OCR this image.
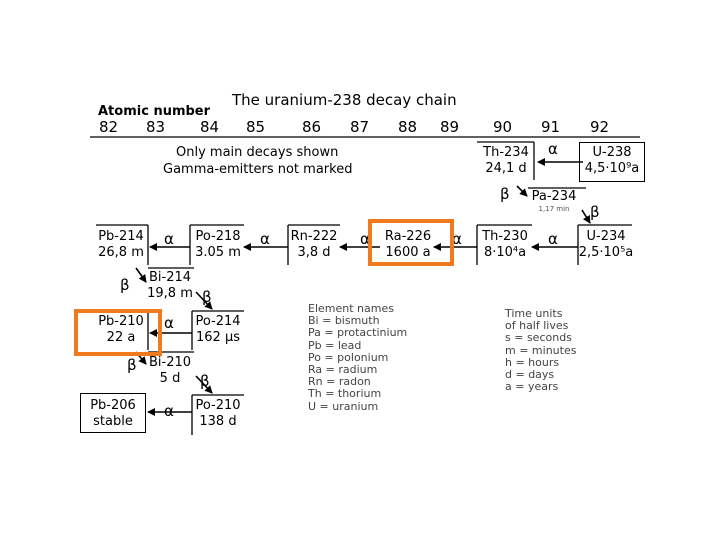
The uranium-238 decay chain
Atomic number
82 83 84 85 86 87 88 89 90 91 92
Only main decays shown
Gamma-emitters not marked
U-238
4,5·10⁹a
Th-234
24,1 d
Pa-234
1,17 min
U-234
2,5·10⁵a
Th-230
8·10⁴a
Ra-226
1600 a
Rn-222
3,8 d
Po-218
3.05 m
Pb-214
26,8 m
Bi-214
19,8 m
Po-214
162 μs
Pb-210
22 a
Bi-210
5 d
Po-210
138 d
Pb-206
stable
α
β
β
α
α
α
α
α
β
β
α
β
β
α
Element names
Bi = bismuth
Pa = protactinium
Pb = lead
Po = polonium
Ra = radium
Rn = radon
Th = thorium
U = uranium
Time units
of half lives
s = seconds
m = minutes
h = hours
d = days
a = years
